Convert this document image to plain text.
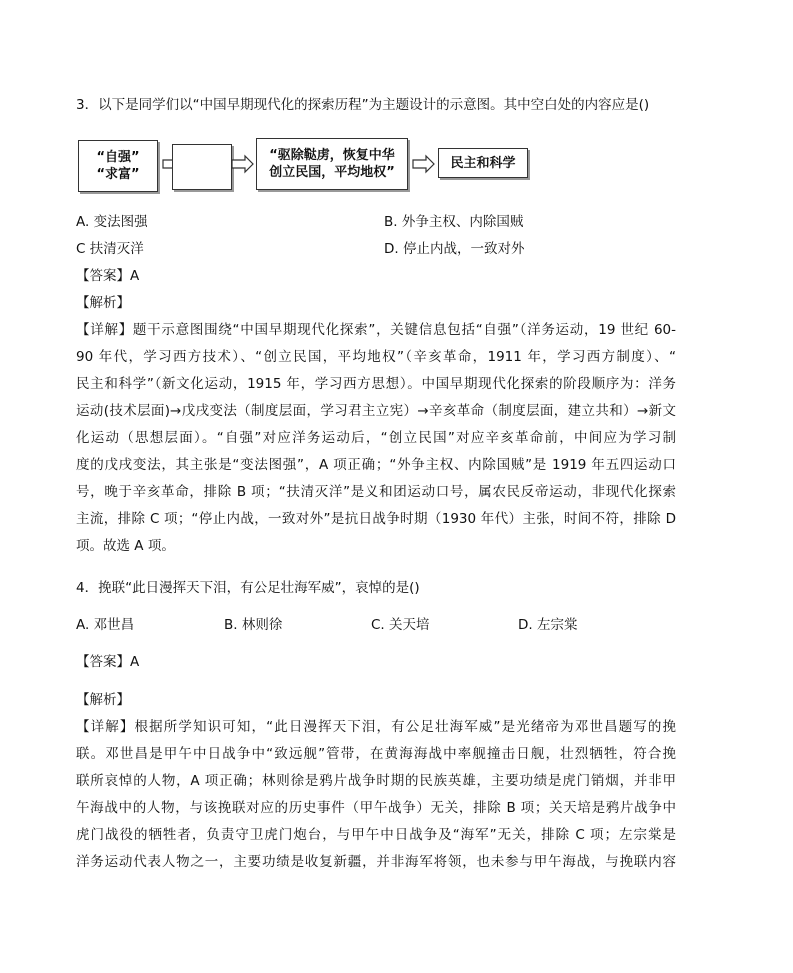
3．以下是同学们以“中国早期现代化的探索历程”为主题设计的示意图。其中空白处的内容应是()
“自强”
“求富”
“驱除鞑虏，恢复中华
创立民国，平均地权”
民主和科学
A. 变法图强	B. 外争主权、内除国贼
C 扶清灭洋	D. 停止内战，一致对外
【答案】A
【解析】
【详解】题干示意图围绕“中国早期现代化探索”，关键信息包括“自强”（洋务运动，19 世纪 60-
90 年代，学习西方技术）、“创立民国，平均地权”（辛亥革命，1911 年，学习西方制度）、“
民主和科学”（新文化运动，1915 年，学习西方思想）。中国早期现代化探索的阶段顺序为：洋务
运动(技术层面)→戊戌变法（制度层面，学习君主立宪）→辛亥革命（制度层面，建立共和）→新文
化运动（思想层面）。“自强”对应洋务运动后，“创立民国”对应辛亥革命前，中间应为学习制
度的戊戌变法，其主张是“变法图强”，A 项正确；“外争主权、内除国贼”是 1919 年五四运动口
号，晚于辛亥革命，排除 B 项；“扶清灭洋”是义和团运动口号，属农民反帝运动，非现代化探索
主流，排除 C 项；“停止内战，一致对外”是抗日战争时期（1930 年代）主张，时间不符，排除 D
项。故选 A 项。
4．挽联“此日漫挥天下泪，有公足壮海军威”，哀悼的是()
A. 邓世昌	B. 林则徐	C. 关天培	D. 左宗棠
【答案】A
【解析】
【详解】根据所学知识可知，“此日漫挥天下泪，有公足壮海军威”是光绪帝为邓世昌题写的挽
联。邓世昌是甲午中日战争中“致远舰”管带，在黄海海战中率舰撞击日舰，壮烈牺牲，符合挽
联所哀悼的人物，A 项正确；林则徐是鸦片战争时期的民族英雄，主要功绩是虎门销烟，并非甲
午海战中的人物，与该挽联对应的历史事件（甲午战争）无关，排除 B 项；关天培是鸦片战争中
虎门战役的牺牲者，负责守卫虎门炮台，与甲午中日战争及“海军”无关，排除 C 项；左宗棠是
洋务运动代表人物之一，主要功绩是收复新疆，并非海军将领，也未参与甲午海战，与挽联内容
